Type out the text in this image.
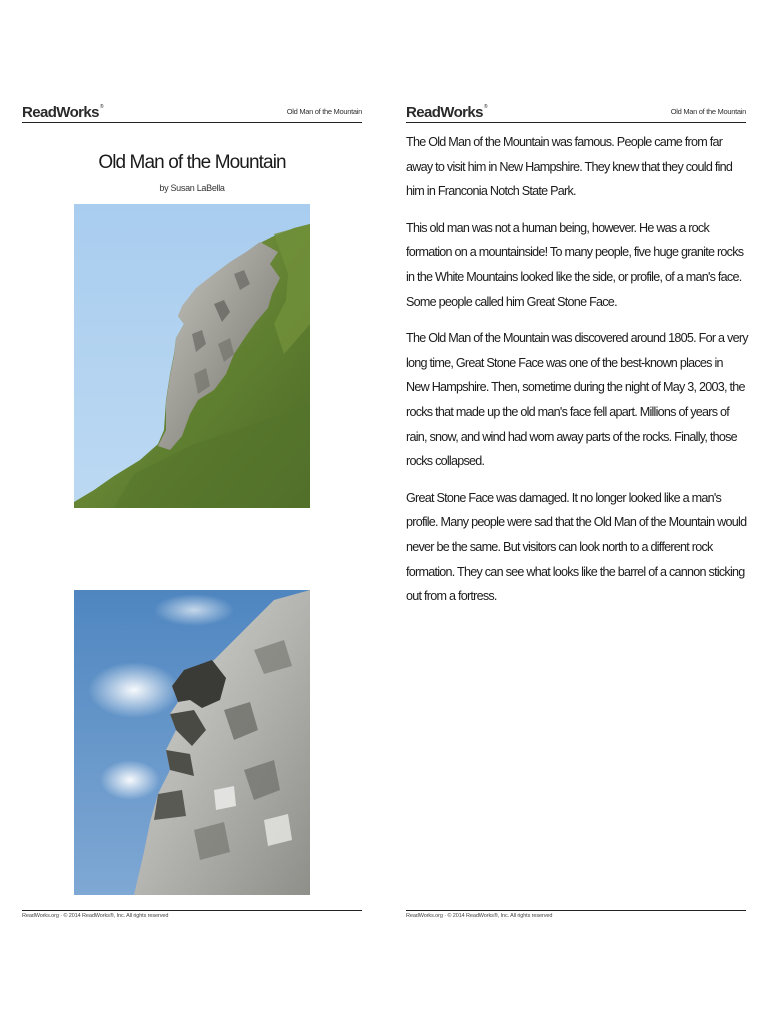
ReadWorks®	Old Man of the Mountain
Old Man of the Mountain
by Susan LaBella
ReadWorks.org · © 2014 ReadWorks®, Inc. All rights reserved
ReadWorks®	Old Man of the Mountain

The Old Man of the Mountain was famous. People came from far away to visit him in New Hampshire. They knew that they could find him in Franconia Notch State Park.

This old man was not a human being, however. He was a rock formation on a mountainside! To many people, five huge granite rocks in the White Mountains looked like the side, or profile, of a man's face. Some people called him Great Stone Face.

The Old Man of the Mountain was discovered around 1805. For a very long time, Great Stone Face was one of the best-known places in New Hampshire. Then, sometime during the night of May 3, 2003, the rocks that made up the old man's face fell apart. Millions of years of rain, snow, and wind had worn away parts of the rocks. Finally, those rocks collapsed.

Great Stone Face was damaged. It no longer looked like a man's profile. Many people were sad that the Old Man of the Mountain would never be the same. But visitors can look north to a different rock formation. They can see what looks like the barrel of a cannon sticking out from a fortress.

ReadWorks.org · © 2014 ReadWorks®, Inc. All rights reserved
